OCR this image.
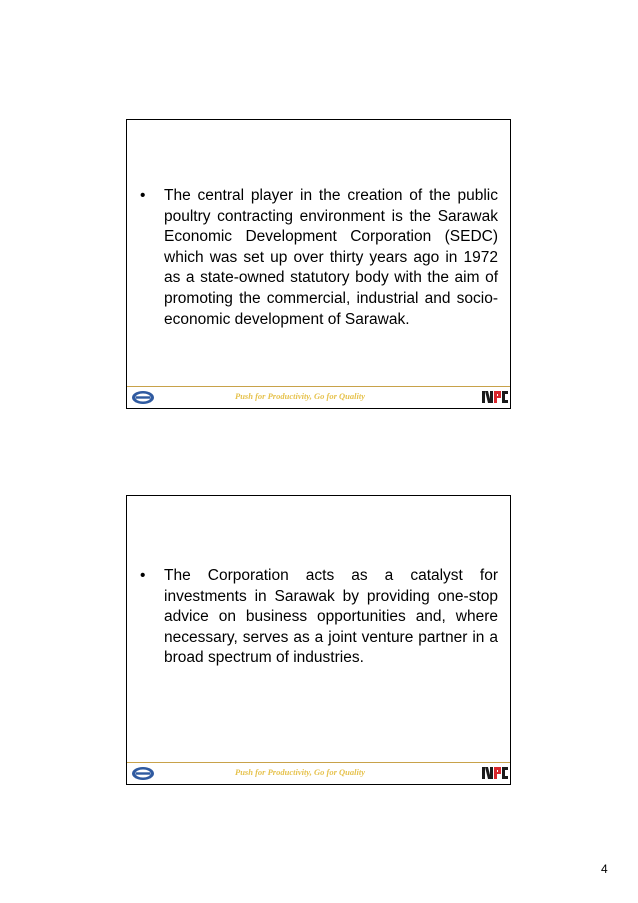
•	The central player in the creation of the public poultry contracting environment is the Sarawak Economic Development Corporation (SEDC) which was set up over thirty years ago in 1972 as a state-owned statutory body with the aim of promoting the commercial, industrial and socio-economic development of Sarawak.
Push for Productivity, Go for Quality
•	The Corporation acts as a catalyst for investments in Sarawak by providing one-stop advice on business opportunities and, where necessary, serves as a joint venture partner in a broad spectrum of industries.
Push for Productivity, Go for Quality
4
